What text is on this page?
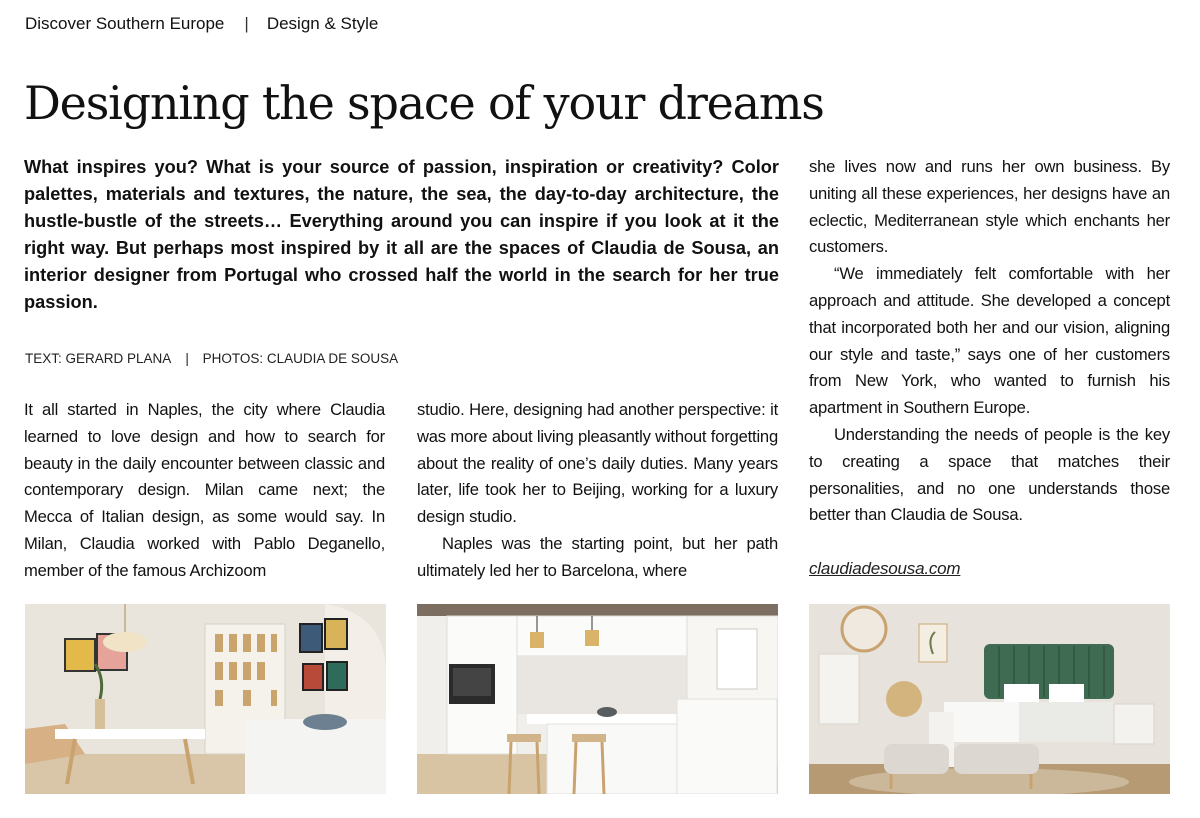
Discover Southern Europe | Design & Style
Designing the space of your dreams

What inspires you? What is your source of passion, inspiration or creativity? Color palettes, materials and textures, the nature, the sea, the day-to-day architecture, the hustle-bustle of the streets… Everything around you can inspire if you look at it the right way. But perhaps most inspired by it all are the spaces of Claudia de Sousa, an interior designer from Portugal who crossed half the world in the search for her true passion.

TEXT: GERARD PLANA | PHOTOS: CLAUDIA DE SOUSA

It all started in Naples, the city where Claudia learned to love design and how to search for beauty in the daily encounter between classic and contemporary design. Milan came next; the Mecca of Italian design, as some would say. In Milan, Claudia worked with Pablo Deganello, member of the famous Archizoom

studio. Here, designing had another perspective: it was more about living pleasantly without forgetting about the reality of one’s daily duties. Many years later, life took her to Beijing, working for a luxury design studio.

Naples was the starting point, but her path ultimately led her to Barcelona, where

she lives now and runs her own business. By uniting all these experiences, her designs have an eclectic, Mediterranean style which enchants her customers.

“We immediately felt comfortable with her approach and attitude. She developed a concept that incorporated both her and our vision, aligning our style and taste,” says one of her customers from New York, who wanted to furnish his apartment in Southern Europe.

Understanding the needs of people is the key to creating a space that matches their personalities, and no one understands those better than Claudia de Sousa.

claudiadesousa.com
